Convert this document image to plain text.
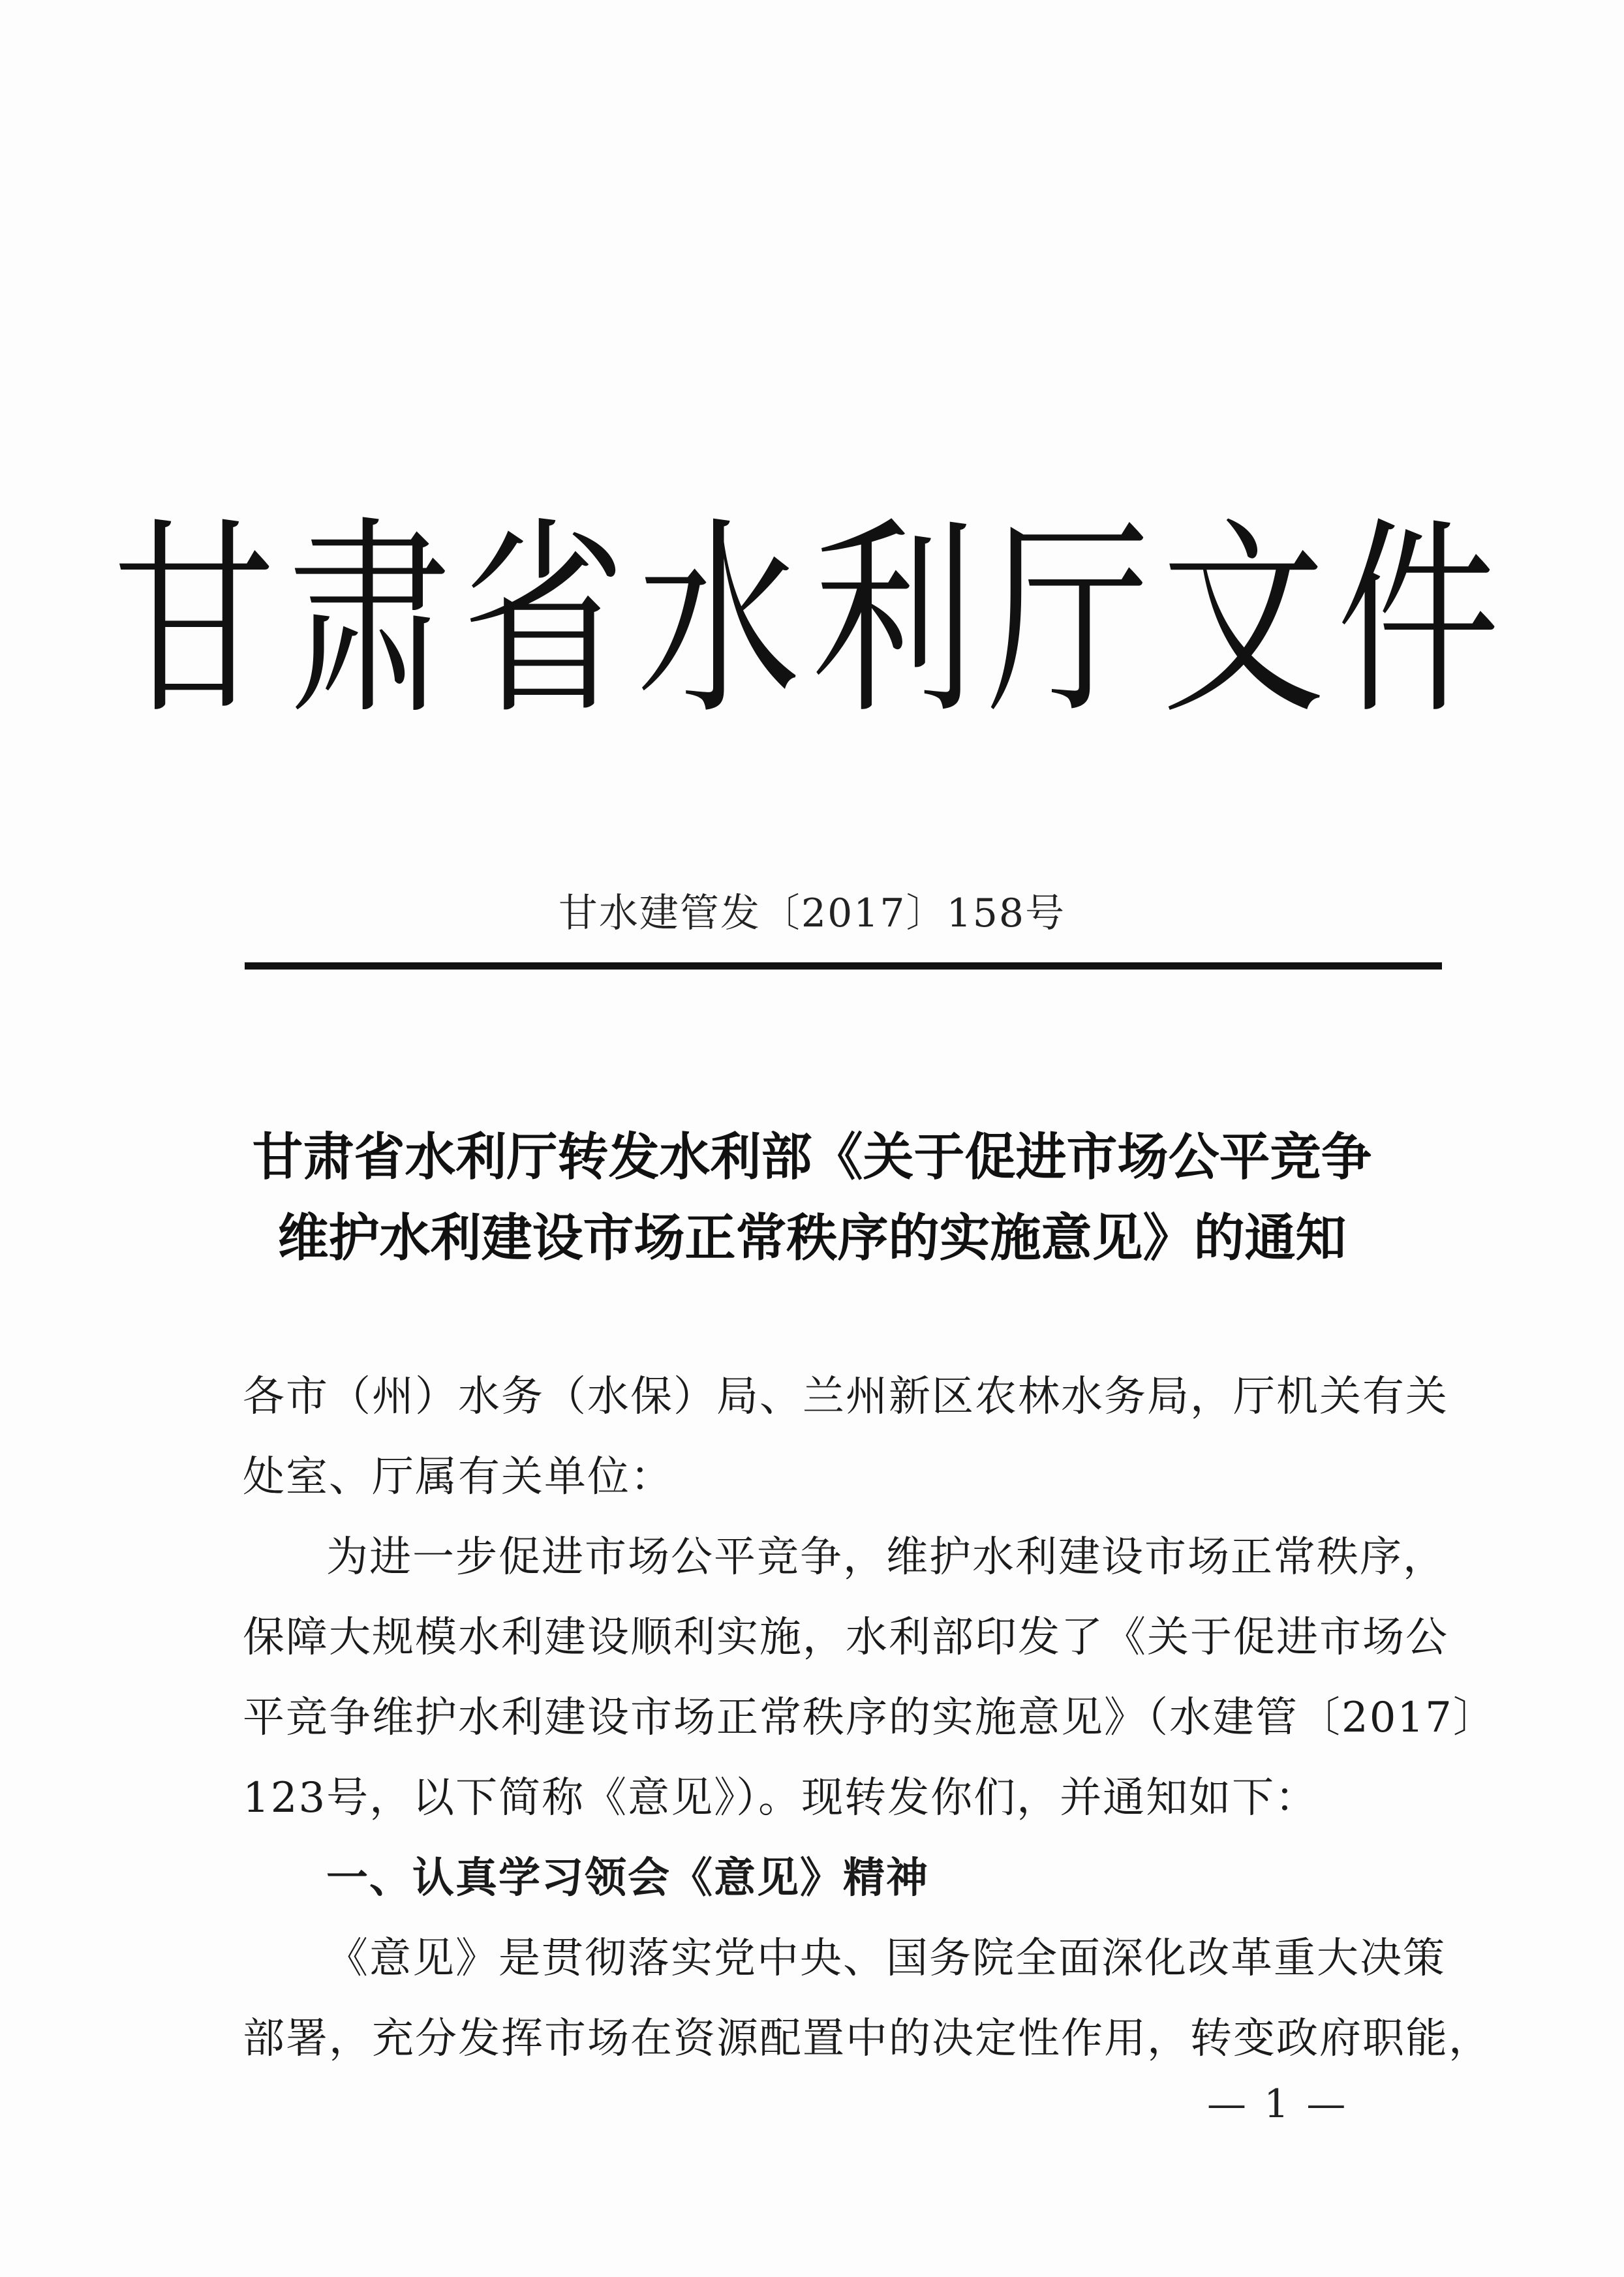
甘肃省水利厅文件
甘水建管发〔2017〕158号
甘肃省水利厅转发水利部《关于促进市场公平竞争
维护水利建设市场正常秩序的实施意见》的通知
各市（州）水务（水保）局、兰州新区农林水务局，厅机关有关
处室、厅属有关单位：
为进一步促进市场公平竞争，维护水利建设市场正常秩序，
保障大规模水利建设顺利实施，水利部印发了《关于促进市场公
平竞争维护水利建设市场正常秩序的实施意见》（水建管〔2017〕
123号，以下简称《意见》）。现转发你们，并通知如下：
一、认真学习领会《意见》精神
《意见》是贯彻落实党中央、国务院全面深化改革重大决策
部署，充分发挥市场在资源配置中的决定性作用，转变政府职能，
— 1 —
